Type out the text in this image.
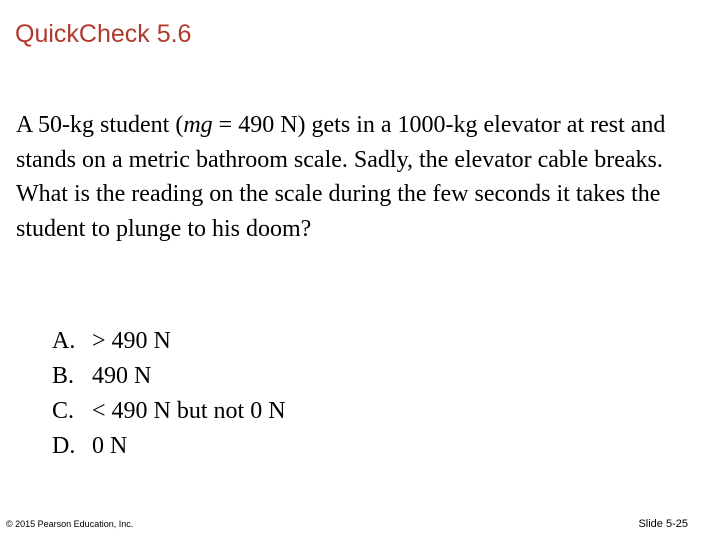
QuickCheck 5.6

A 50-kg student (mg = 490 N) gets in a 1000-kg elevator at rest and stands on a metric bathroom scale. Sadly, the elevator cable breaks. What is the reading on the scale during the few seconds it takes the student to plunge to his doom?

A. > 490 N
B. 490 N
C. < 490 N but not 0 N
D. 0 N
© 2015 Pearson Education, Inc.	Slide 5-25
